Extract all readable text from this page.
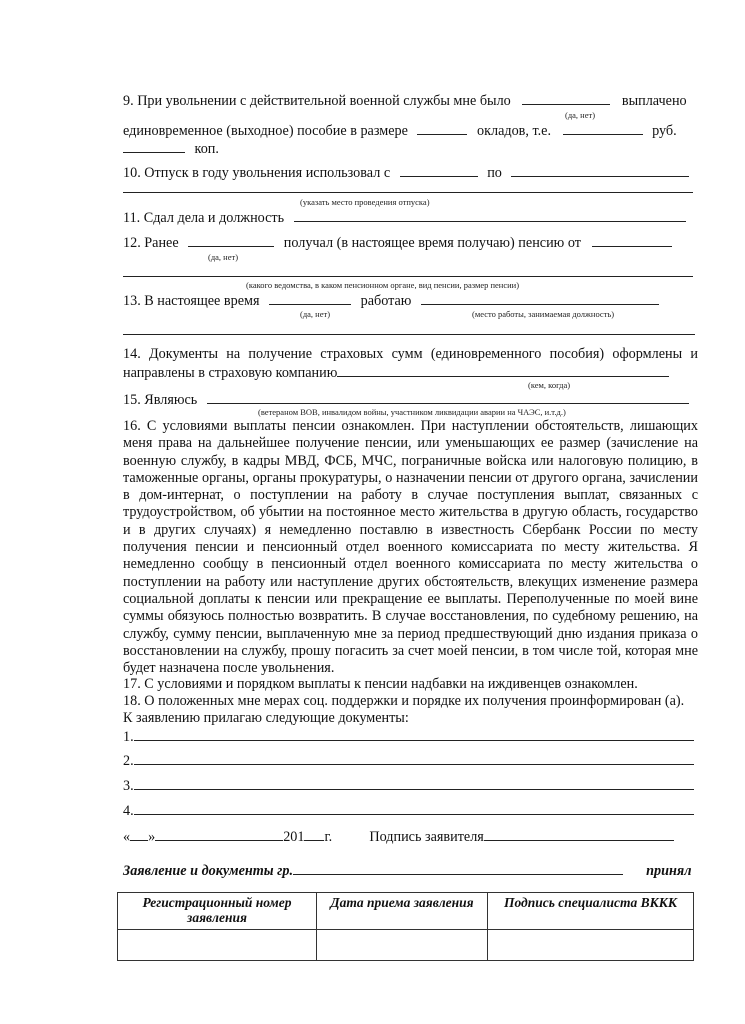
9. При увольнении с действительной военной службы мне было	выплачено
(да, нет)
единовременное (выходное) пособие в размере	окладов, т.е.	руб.
коп.
10. Отпуск в году увольнения использовал с	по
(указать место проведения отпуска)
11. Сдал дела и должность
12. Ранее	получал (в настоящее время получаю) пенсию от
(да, нет)
(какого ведомства, в каком пенсионном органе, вид пенсии, размер пенсии)
13. В настоящее время	работаю
(да, нет)	(место работы, занимаемая должность)
14. Документы на получение страховых сумм (единовременного пособия) оформлены и
направлены в страховую компанию
(кем, когда)
15. Являюсь
(ветераном ВОВ, инвалидом войны, участником ликвидации аварии на ЧАЭС, и.т.д.)
16. С условиями выплаты пенсии ознакомлен. При наступлении обстоятельств, лишающих
меня права на дальнейшее получение пенсии, или уменьшающих ее размер (зачисление на
военную службу, в кадры МВД, ФСБ, МЧС, пограничные войска или налоговую полицию, в
таможенные органы, органы прокуратуры, о назначении пенсии от другого органа, зачислении
в дом-интернат, о поступлении на работу в случае поступления выплат, связанных с
трудоустройством, об убытии на постоянное место жительства в другую область, государство
и в других случаях) я немедленно поставлю в известность Сбербанк России по месту
получения пенсии и пенсионный отдел военного комиссариата по месту жительства. Я
немедленно сообщу в пенсионный отдел военного комиссариата по месту жительства о
поступлении на работу или наступление других обстоятельств, влекущих изменение размера
социальной доплаты к пенсии или прекращение ее выплаты. Переполученные по моей вине
суммы обязуюсь полностью возвратить. В случае восстановления, по судебному решению, на
службу, сумму пенсии, выплаченную мне за период предшествующий дню издания приказа о
восстановлении на службу, прошу погасить за счет моей пенсии, в том числе той, которая мне
будет назначена после увольнения.
17. С условиями и порядком выплаты к пенсии надбавки на иждивенцев ознакомлен.
18. О положенных мне мерах соц. поддержки и порядке их получения проинформирован (а).
К заявлению прилагаю следующие документы:
1.
2.
3.
4.
« »	201 г.	Подпись заявителя
Заявление и документы гр.	принял
Регистрационный номер заявления	Дата приема заявления	Подпись специалиста ВККК
